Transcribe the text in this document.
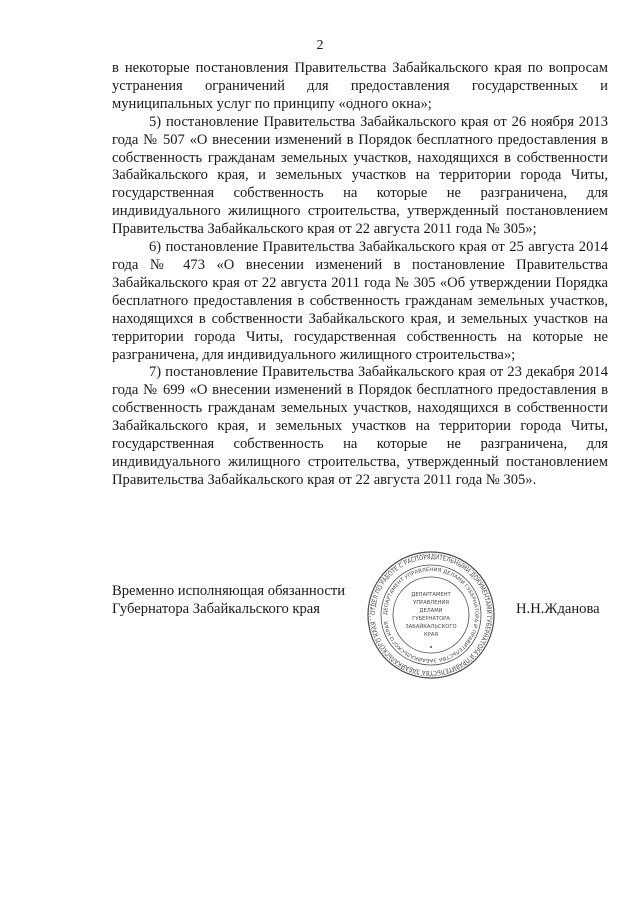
2

в некоторые постановления Правительства Забайкальского края по вопросам устранения ограничений для предоставления государственных и муниципальных услуг по принципу «одного окна»;

5) постановление Правительства Забайкальского края от 26 ноября 2013 года № 507 «О внесении изменений в Порядок бесплатного предоставления в собственность гражданам земельных участков, находящихся в собственности Забайкальского края, и земельных участков на территории города Читы, государственная собственность на которые не разграничена, для индивидуального жилищного строительства, утвержденный постановлением Правительства Забайкальского края от 22 августа 2011 года № 305»;

6) постановление Правительства Забайкальского края от 25 августа 2014 года № 473 «О внесении изменений в постановление Правительства Забайкальского края от 22 августа 2011 года № 305 «Об утверждении Порядка бесплатного предоставления в собственность гражданам земельных участков, находящихся в собственности Забайкальского края, и земельных участков на территории города Читы, государственная собственность на которые не разграничена, для индивидуального жилищного строительства»;

7) постановление Правительства Забайкальского края от 23 декабря 2014 года № 699 «О внесении изменений в Порядок бесплатного предоставления в собственность гражданам земельных участков, находящихся в собственности Забайкальского края, и земельных участков на территории города Читы, государственная собственность на которые не разграничена, для индивидуального жилищного строительства, утвержденный постановлением Правительства Забайкальского края от 22 августа 2011 года № 305».

Временно исполняющая обязанности
Губернатора Забайкальского края	Н.Н.Жданова
ОТДЕЛ ПО РАБОТЕ С РАСПОРЯДИТЕЛЬНЫМИ ДОКУМЕНТАМИ ГУБЕРНАТОРА И ПРАВИТЕЛЬСТВА ЗАБАЙКАЛЬСКОГО КРАЯ
ДЕПАРТАМЕНТ УПРАВЛЕНИЯ ДЕЛАМИ ГУБЕРНАТОРА И ПРАВИТЕЛЬСТВА ЗАБАЙКАЛЬСКОГО КРАЯ
ДЕПАРТАМЕНТ
УПРАВЛЕНИЯ
ДЕЛАМИ
ГУБЕРНАТОРА
ЗАБАЙКАЛЬСКОГО
КРАЯ
